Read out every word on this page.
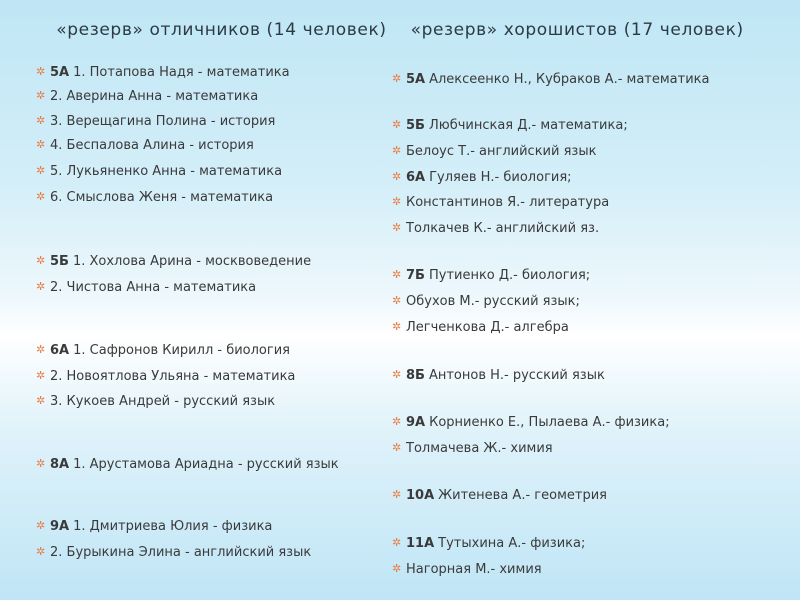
«резерв» отличников (14 человек) «резерв» хорошистов (17 человек)
✲ 5А 1. Потапова Надя - математика
✲ 2. Аверина Анна - математика
✲ 3. Верещагина Полина - история
✲ 4. Беспалова Алина - история
✲ 5. Лукьяненко Анна - математика
✲ 6. Смыслова Женя - математика
✲ 5Б 1. Хохлова Арина - москвоведение
✲ 2. Чистова Анна - математика
✲ 6А 1. Сафронов Кирилл - биология
✲ 2. Новоятлова Ульяна - математика
✲ 3. Кукоев Андрей - русский язык
✲ 8А 1. Арустамова Ариадна - русский язык
✲ 9А 1. Дмитриева Юлия - физика
✲ 2. Бурыкина Элина - английский язык
✲ 5А Алексеенко Н., Кубраков А.- математика
✲ 5Б Любчинская Д.- математика;
✲ Белоус Т.- английский язык
✲ 6А Гуляев Н.- биология;
✲ Константинов Я.- литература
✲ Толкачев К.- английский яз.
✲ 7Б Путиенко Д.- биология;
✲ Обухов М.- русский язык;
✲ Легченкова Д.- алгебра
✲ 8Б Антонов Н.- русский язык
✲ 9А Корниенко Е., Пылаева А.- физика;
✲ Толмачева Ж.- химия
✲ 10А Житенева А.- геометрия
✲ 11А Тутыхина А.- физика;
✲ Нагорная М.- химия
